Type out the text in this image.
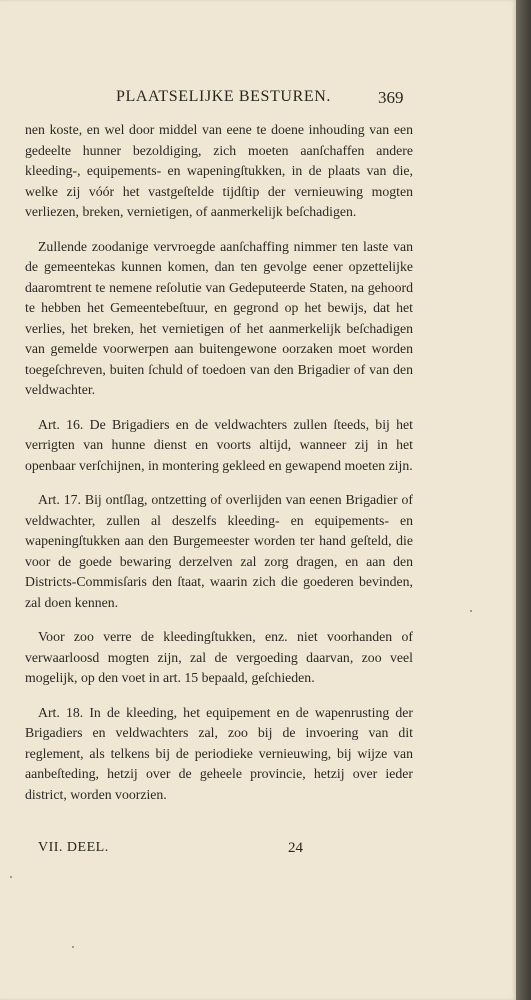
PLAATSELIJKE BESTUREN.	369

nen koste, en wel door middel van eene te doene inhouding van een gedeelte hunner bezoldiging, zich moeten aanſchaffen andere kleeding-, equipements- en wapeningſtukken, in de plaats van die, welke zij vóór het vastgeſtelde tijdſtip der vernieuwing mogten verliezen, breken, vernietigen, of aanmerkelijk beſchadigen.

Zullende zoodanige vervroegde aanſchaffing nimmer ten laste van de gemeentekas kunnen komen, dan ten gevolge eener opzettelijke daaromtrent te nemene reſolutie van Gedeputeerde Staten, na gehoord te hebben het Gemeentebeſtuur, en gegrond op het bewijs, dat het verlies, het breken, het vernietigen of het aanmerkelijk beſchadigen van gemelde voorwerpen aan buitengewone oorzaken moet worden toegeſchreven, buiten ſchuld of toedoen van den Brigadier of van den veldwachter.

Art. 16. De Brigadiers en de veldwachters zullen ſteeds, bij het verrigten van hunne dienst en voorts altijd, wanneer zij in het openbaar verſchijnen, in montering gekleed en gewapend moeten zijn.

Art. 17. Bij ontſlag, ontzetting of overlijden van eenen Brigadier of veldwachter, zullen al deszelfs kleeding- en equipements- en wapeningſtukken aan den Burgemeester worden ter hand geſteld, die voor de goede bewaring derzelven zal zorg dragen, en aan den Districts-Commisſaris den ſtaat, waarin zich die goederen bevinden, zal doen kennen.

Voor zoo verre de kleedingſtukken, enz. niet voorhanden of verwaarloosd mogten zijn, zal de vergoeding daarvan, zoo veel mogelijk, op den voet in art. 15 bepaald, geſchieden.

Art. 18. In de kleeding, het equipement en de wapenrusting der Brigadiers en veldwachters zal, zoo bij de invoering van dit reglement, als telkens bij de periodieke vernieuwing, bij wijze van aanbeſteding, hetzij over de geheele provincie, hetzij over ieder district, worden voorzien.

VII. DEEL.	24
